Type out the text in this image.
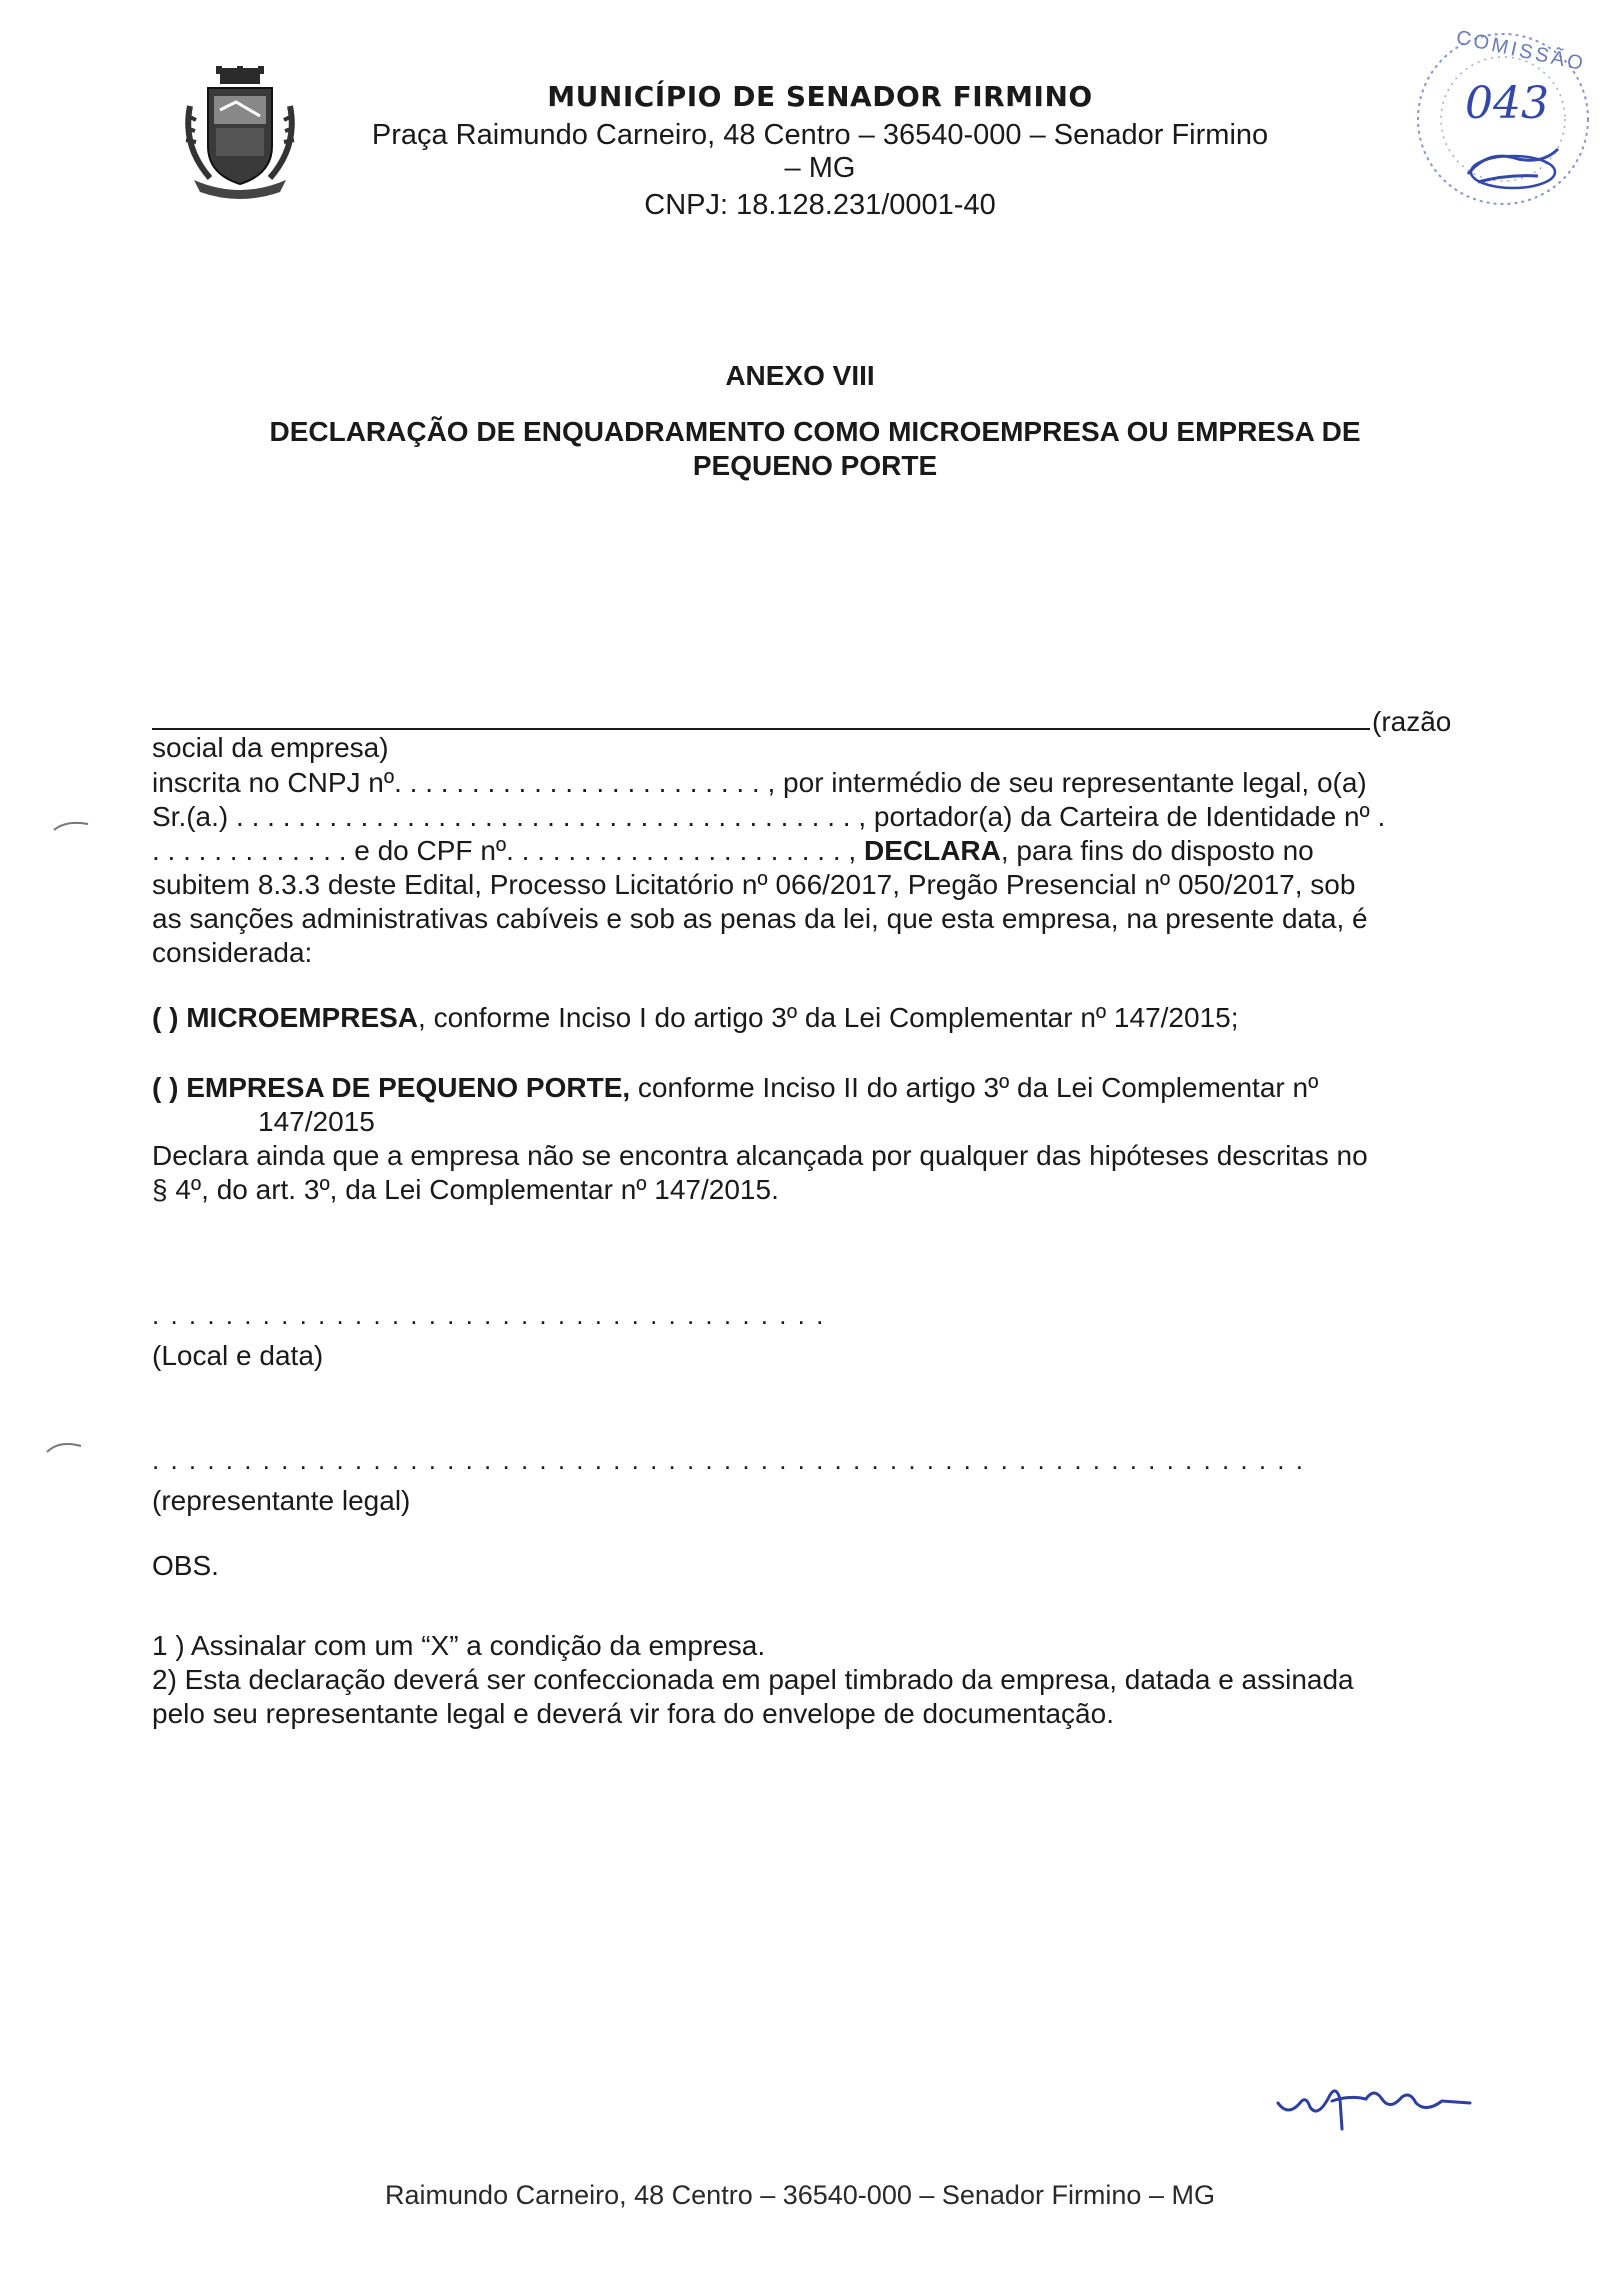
MUNICÍPIO DE SENADOR FIRMINO
Praça Raimundo Carneiro, 48 Centro – 36540-000 – Senador Firmino – MG
CNPJ: 18.128.231/0001-40
COMISSÃO
043
ANEXO VIII
DECLARAÇÃO DE ENQUADRAMENTO COMO MICROEMPRESA OU EMPRESA DE
PEQUENO PORTE
(razão
social da empresa)
inscrita no CNPJ nº. . . . . . . . . . . . . . . . . . . . . . . . , por intermédio de seu representante legal, o(a)
Sr.(a.) . . . . . . . . . . . . . . . . . . . . . . . . . . . . . . . . . . . . . . . . , portador(a) da Carteira de Identidade nº .
. . . . . . . . . . . . . e do CPF nº. . . . . . . . . . . . . . . . . . . . . . , DECLARA, para fins do disposto no
subitem 8.3.3 deste Edital, Processo Licitatório nº 066/2017, Pregão Presencial nº 050/2017, sob
as sanções administrativas cabíveis e sob as penas da lei, que esta empresa, na presente data, é
considerada:
( ) MICROEMPRESA, conforme Inciso I do artigo 3º da Lei Complementar nº 147/2015;
( ) EMPRESA DE PEQUENO PORTE, conforme Inciso II do artigo 3º da Lei Complementar nº
147/2015
Declara ainda que a empresa não se encontra alcançada por qualquer das hipóteses descritas no
§ 4º, do art. 3º, da Lei Complementar nº 147/2015.
. . . . . . . . . . . . . . . . . . . . . . . . . . . . . . . . . . . . .
(Local e data)
. . . . . . . . . . . . . . . . . . . . . . . . . . . . . . . . . . . . . . . . . . . . . . . . . . . . . . . . . . . . . . .
(representante legal)
OBS.
1 ) Assinalar com um “X” a condição da empresa.
2) Esta declaração deverá ser confeccionada em papel timbrado da empresa, datada e assinada
pelo seu representante legal e deverá vir fora do envelope de documentação.
Raimundo Carneiro, 48 Centro – 36540-000 – Senador Firmino – MG
